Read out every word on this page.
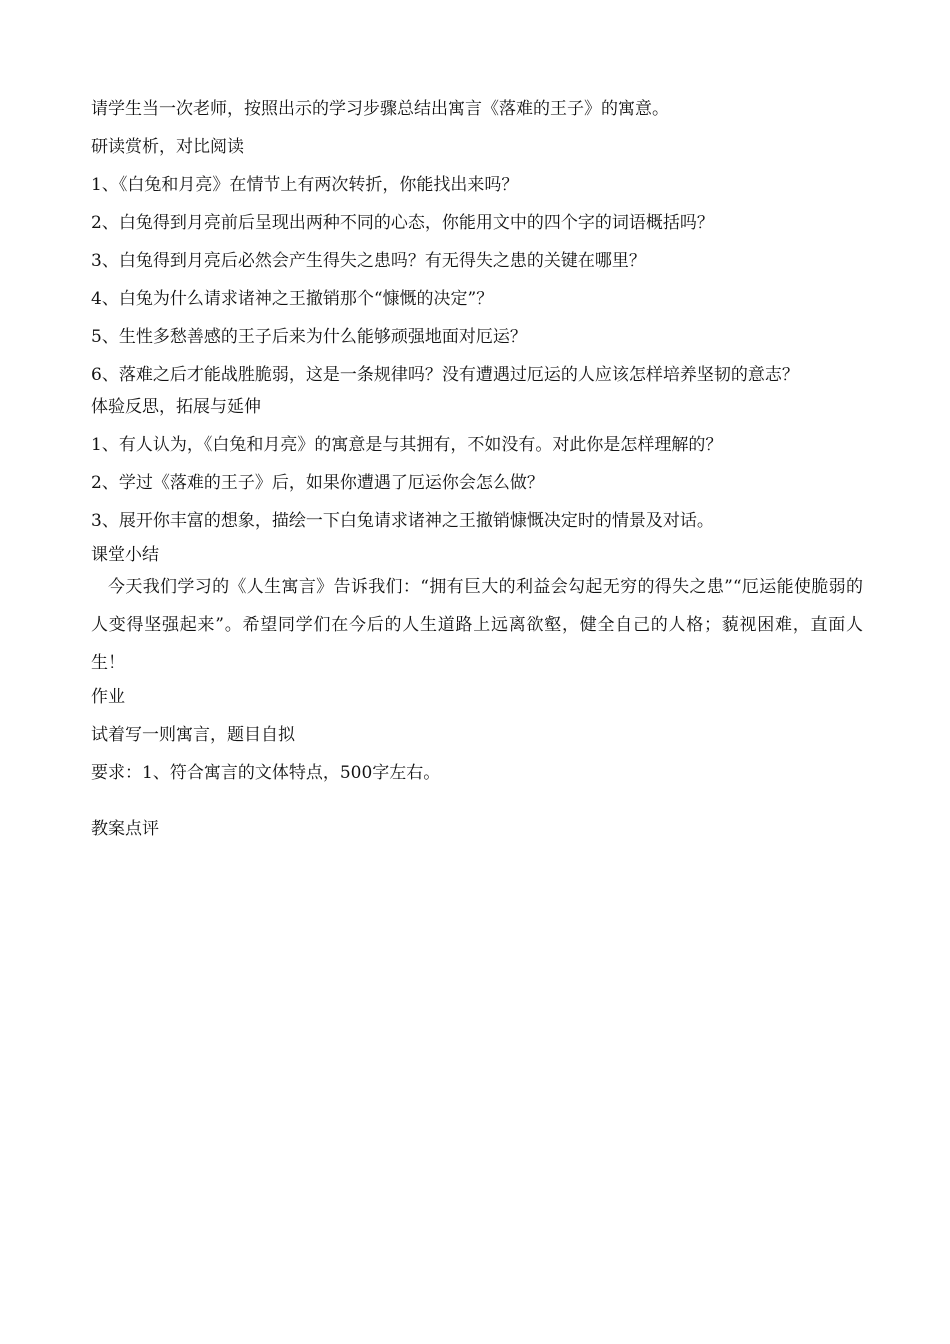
请学生当一次老师，按照出示的学习步骤总结出寓言《落难的王子》的寓意。

研读赏析，对比阅读

1、《白兔和月亮》在情节上有两次转折，你能找出来吗？

2、白兔得到月亮前后呈现出两种不同的心态，你能用文中的四个字的词语概括吗？

3、白兔得到月亮后必然会产生得失之患吗？有无得失之患的关键在哪里？

4、白兔为什么请求诸神之王撤销那个“慷慨的决定”？

5、生性多愁善感的王子后来为什么能够顽强地面对厄运？

6、落难之后才能战胜脆弱，这是一条规律吗？没有遭遇过厄运的人应该怎样培养坚韧的意志？

体验反思，拓展与延伸

1、有人认为，《白兔和月亮》的寓意是与其拥有，不如没有。对此你是怎样理解的？

2、学过《落难的王子》后，如果你遭遇了厄运你会怎么做？

3、展开你丰富的想象，描绘一下白兔请求诸神之王撤销慷慨决定时的情景及对话。

课堂小结

今天我们学习的《人生寓言》告诉我们：“拥有巨大的利益会勾起无穷的得失之患”“厄运能使脆弱的人变得坚强起来”。希望同学们在今后的人生道路上远离欲壑，健全自己的人格；藐视困难，直面人生！

作业

试着写一则寓言，题目自拟

要求：1、符合寓言的文体特点，500字左右。

教案点评
